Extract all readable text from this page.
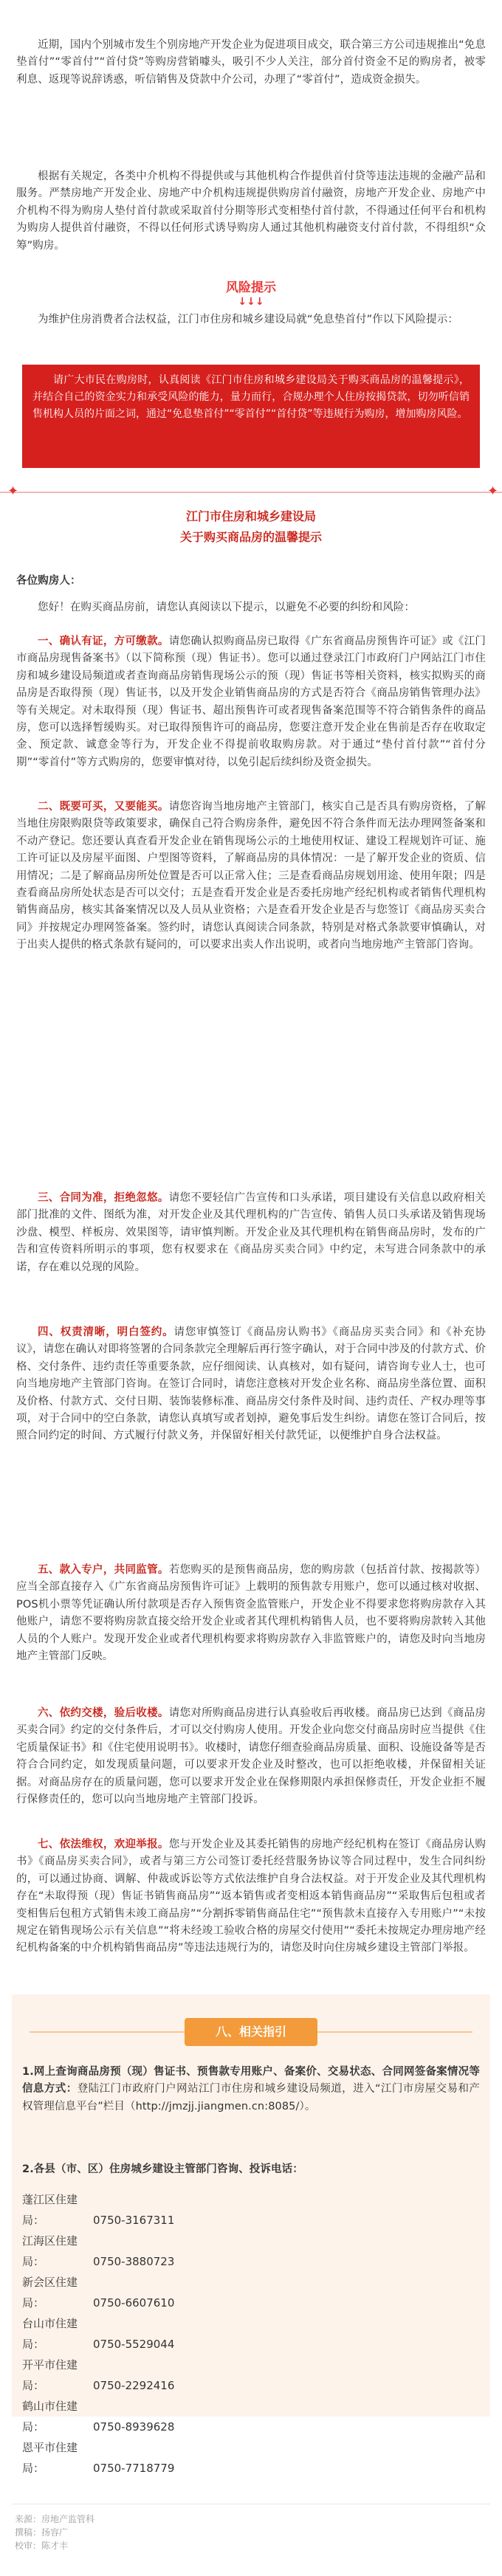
近期，国内个别城市发生个别房地产开发企业为促进项目成交，联合第三方公司违规推出“免息垫首付”“零首付”“首付贷”等购房营销噱头，吸引不少人关注，部分首付资金不足的购房者，被零利息、返现等说辞诱惑，听信销售及贷款中介公司，办理了“零首付”，造成资金损失。

根据有关规定，各类中介机构不得提供或与其他机构合作提供首付贷等违法违规的金融产品和服务。严禁房地产开发企业、房地产中介机构违规提供购房首付融资，房地产开发企业、房地产中介机构不得为购房人垫付首付款或采取首付分期等形式变相垫付首付款，不得通过任何平台和机构为购房人提供首付融资，不得以任何形式诱导购房人通过其他机构融资支付首付款，不得组织“众筹”购房。

风险提示
↓↓↓

为维护住房消费者合法权益，江门市住房和城乡建设局就“免息垫首付”作以下风险提示：

请广大市民在购房时，认真阅读《江门市住房和城乡建设局关于购买商品房的温馨提示》，并结合自己的资金实力和承受风险的能力，量力而行，合规办理个人住房按揭贷款，切勿听信销售机构人员的片面之词，通过“免息垫首付”“零首付”“首付贷”等违规行为购房，增加购房风险。

✦	✦
江门市住房和城乡建设局
关于购买商品房的温馨提示

各位购房人：

您好！在购买商品房前，请您认真阅读以下提示，以避免不必要的纠纷和风险：

一、确认有证，方可缴款。请您确认拟购商品房已取得《广东省商品房预售许可证》或《江门市商品房现售备案书》（以下简称预（现）售证书）。您可以通过登录江门市政府门户网站江门市住房和城乡建设局频道或者查询商品房销售现场公示的预（现）售证书等相关资料，核实拟购买的商品房是否取得预（现）售证书，以及开发企业销售商品房的方式是否符合《商品房销售管理办法》等有关规定。对未取得预（现）售证书、超出预售许可或者现售备案范围等不符合销售条件的商品房，您可以选择暂缓购买。对已取得预售许可的商品房，您要注意开发企业在售前是否存在收取定金、预定款、诚意金等行为，开发企业不得提前收取购房款。对于通过“垫付首付款”“首付分期”“零首付”等方式购房的，您要审慎对待，以免引起后续纠纷及资金损失。

二、既要可买，又要能买。请您咨询当地房地产主管部门，核实自己是否具有购房资格，了解当地住房限购限贷等政策要求，确保自己符合购房条件，避免因不符合条件而无法办理网签备案和不动产登记。您还要认真查看开发企业在销售现场公示的土地使用权证、建设工程规划许可证、施工许可证以及房屋平面图、户型图等资料，了解商品房的具体情况：一是了解开发企业的资质、信用情况；二是了解商品房所处位置是否可以正常入住；三是查看商品房规划用途、使用年限；四是查看商品房所处状态是否可以交付；五是查看开发企业是否委托房地产经纪机构或者销售代理机构销售商品房，核实其备案情况以及人员从业资格；六是查看开发企业是否与您签订《商品房买卖合同》并按规定办理网签备案。签约时，请您认真阅读合同条款，特别是对格式条款要审慎确认，对于出卖人提供的格式条款有疑问的，可以要求出卖人作出说明，或者向当地房地产主管部门咨询。

三、合同为准，拒绝忽悠。请您不要轻信广告宣传和口头承诺，项目建设有关信息以政府相关部门批准的文件、图纸为准，对开发企业及其代理机构的广告宣传、销售人员口头承诺及销售现场沙盘、模型、样板房、效果图等，请审慎判断。开发企业及其代理机构在销售商品房时，发布的广告和宣传资料所明示的事项，您有权要求在《商品房买卖合同》中约定，未写进合同条款中的承诺，存在难以兑现的风险。

四、权责清晰，明白签约。请您审慎签订《商品房认购书》《商品房买卖合同》和《补充协议》，请您在确认对即将签署的合同条款完全理解后再行签字确认，对于合同中涉及的付款方式、价格、交付条件、违约责任等重要条款，应仔细阅读、认真核对，如有疑问，请咨询专业人士，也可向当地房地产主管部门咨询。在签订合同时，请您注意核对开发企业名称、商品房坐落位置、面积及价格、付款方式、交付日期、装饰装修标准、商品房交付条件及时间、违约责任、产权办理等事项，对于合同中的空白条款，请您认真填写或者划掉，避免事后发生纠纷。请您在签订合同后，按照合同约定的时间、方式履行付款义务，并保留好相关付款凭证，以便维护自身合法权益。

五、款入专户，共同监管。若您购买的是预售商品房，您的购房款（包括首付款、按揭款等）应当全部直接存入《广东省商品房预售许可证》上载明的预售款专用账户，您可以通过核对收据、POS机小票等凭证确认所付款项是否存入预售资金监管账户，开发企业不得要求您将购房款存入其他账户，请您不要将购房款直接交给开发企业或者其代理机构销售人员，也不要将购房款转入其他人员的个人账户。发现开发企业或者代理机构要求将购房款存入非监管账户的，请您及时向当地房地产主管部门反映。

六、依约交楼，验后收楼。请您对所购商品房进行认真验收后再收楼。商品房已达到《商品房买卖合同》约定的交付条件后，才可以交付购房人使用。开发企业向您交付商品房时应当提供《住宅质量保证书》和《住宅使用说明书》。收楼时，请您仔细查验商品房质量、面积、设施设备等是否符合合同约定，如发现质量问题，可以要求开发企业及时整改，也可以拒绝收楼，并保留相关证据。对商品房存在的质量问题，您可以要求开发企业在保修期限内承担保修责任，开发企业拒不履行保修责任的，您可以向当地房地产主管部门投诉。

七、依法维权，欢迎举报。您与开发企业及其委托销售的房地产经纪机构在签订《商品房认购书》《商品房买卖合同》，或者与第三方公司签订委托经营服务协议等合同过程中，发生合同纠纷的，可以通过协商、调解、仲裁或诉讼等方式依法维护自身合法权益。对于开发企业及其代理机构存在“未取得预（现）售证书销售商品房”“返本销售或者变相返本销售商品房”“采取售后包租或者变相售后包租方式销售未竣工商品房”“分割拆零销售商品住宅”“预售款未直接存入专用账户”“未按规定在销售现场公示有关信息”“将未经竣工验收合格的房屋交付使用”“委托未按规定办理房地产经纪机构备案的中介机构销售商品房”等违法违规行为的，请您及时向住房城乡建设主管部门举报。

八、相关指引

1.网上查询商品房预（现）售证书、预售款专用账户、备案价、交易状态、合同网签备案情况等信息方式：登陆江门市政府门户网站江门市住房和城乡建设局频道，进入“江门市房屋交易和产权管理信息平台”栏目（http://jmzjj.jiangmen.cn:8085/）。

2.各县（市、区）住房城乡建设主管部门咨询、投诉电话：

蓬江区住建局：	0750-3167311
江海区住建局：	0750-3880723
新会区住建局：	0750-6607610
台山市住建局：	0750-5529044
开平市住建局：	0750-2292416
鹤山市住建局：	0750-8939628
恩平市住建局：	0750-7718779
来源：房地产监管科
撰稿：扬容广
校审：陈才丰
